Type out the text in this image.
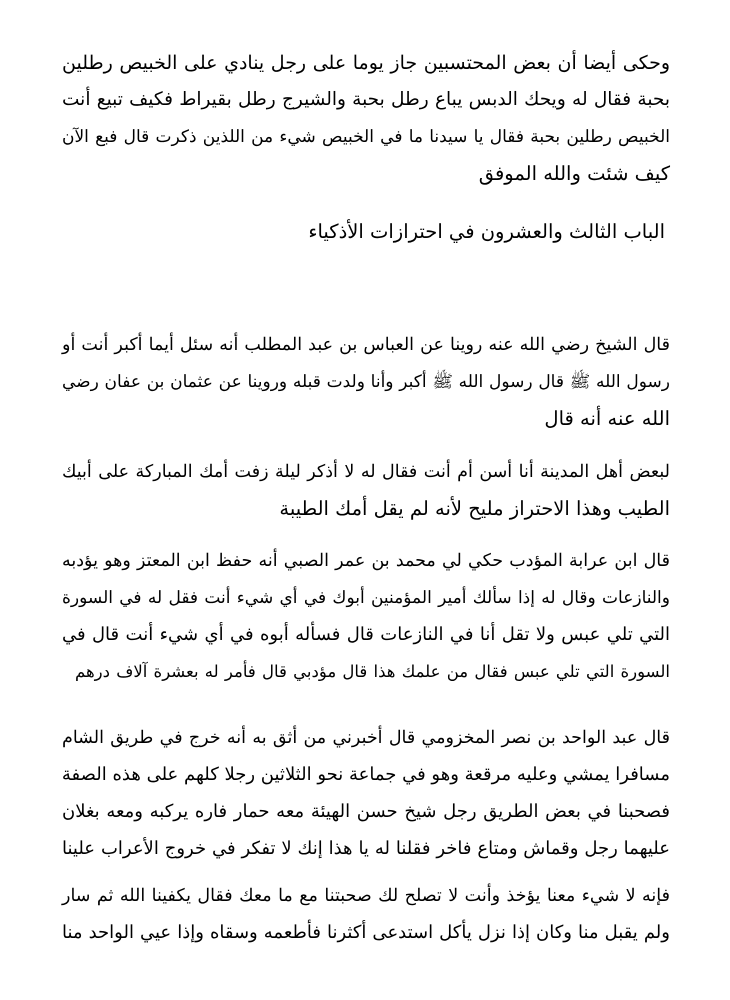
وحكى أيضا أن بعض المحتسبين جاز يوما على رجل ينادي على الخبيص رطلين

بحبة فقال له ويحك الدبس يباع رطل بحبة والشيرج رطل بقيراط فكيف تبيع أنت

الخبيص رطلين بحبة فقال يا سيدنا ما في الخبيص شيء من اللذين ذكرت قال فبع الآن

كيف شئت والله الموفق

الباب الثالث والعشرون في احترازات الأذكياء

قال الشيخ رضي الله عنه روينا عن العباس بن عبد المطلب أنه سئل أيما أكبر أنت أو

رسول الله ﷺ قال رسول الله ﷺ أكبر وأنا ولدت قبله وروينا عن عثمان بن عفان رضي

الله عنه أنه قال

لبعض أهل المدينة أنا أسن أم أنت فقال له لا أذكر ليلة زفت أمك المباركة على أبيك

الطيب وهذا الاحتراز مليح لأنه لم يقل أمك الطيبة

قال ابن عرابة المؤدب حكي لي محمد بن عمر الصبي أنه حفظ ابن المعتز وهو يؤدبه

والنازعات وقال له إذا سألك أمير المؤمنين أبوك في أي شيء أنت فقل له في السورة

التي تلي عبس ولا تقل أنا في النازعات قال فسأله أبوه في أي شيء أنت قال في

السورة التي تلي عبس فقال من علمك هذا قال مؤدبي قال فأمر له بعشرة آلاف درهم

قال عبد الواحد بن نصر المخزومي قال أخبرني من أثق به أنه خرج في طريق الشام

مسافرا يمشي وعليه مرقعة وهو في جماعة نحو الثلاثين رجلا كلهم على هذه الصفة

فصحبنا في بعض الطريق رجل شيخ حسن الهيئة معه حمار فاره يركبه ومعه بغلان

عليهما رجل وقماش ومتاع فاخر فقلنا له يا هذا إنك لا تفكر في خروج الأعراب علينا

فإنه لا شيء معنا يؤخذ وأنت لا تصلح لك صحبتنا مع ما معك فقال يكفينا الله ثم سار

ولم يقبل منا وكان إذا نزل يأكل استدعى أكثرنا فأطعمه وسقاه وإذا عيي الواحد منا
